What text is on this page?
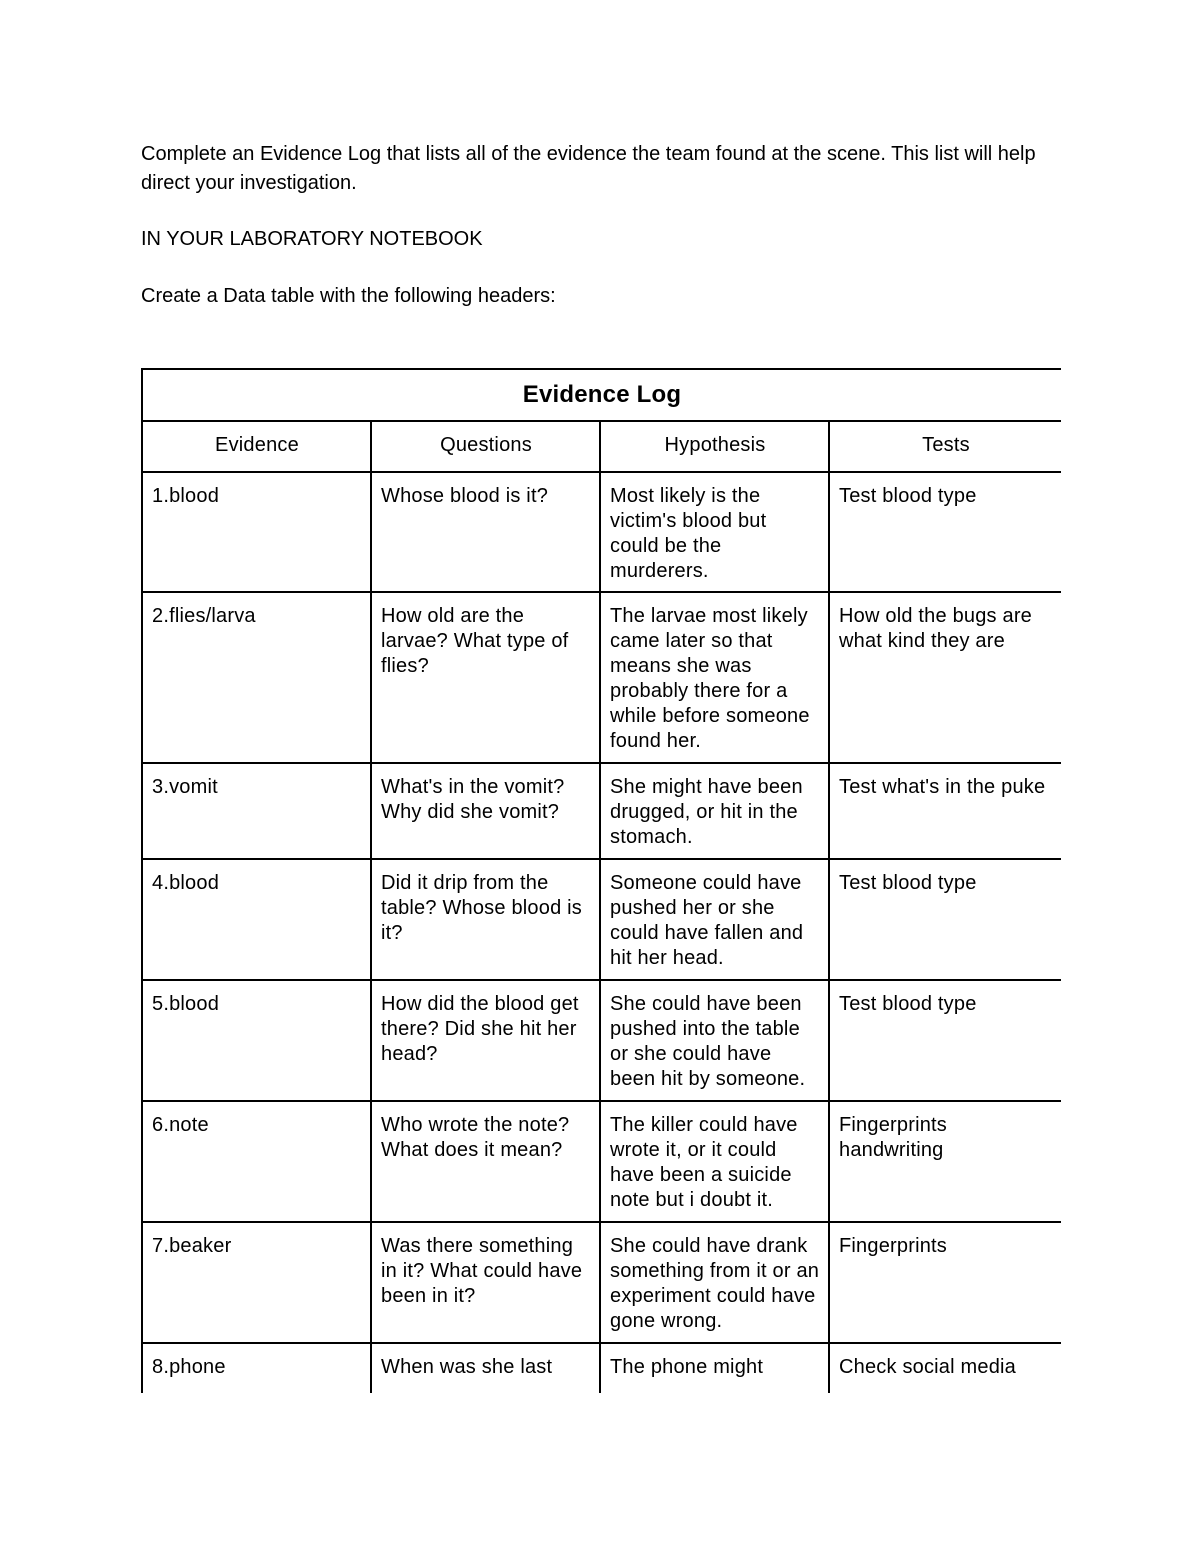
Complete an Evidence Log that lists all of the evidence the team found at the scene. This list will help direct your investigation.

IN YOUR LABORATORY NOTEBOOK

Create a Data table with the following headers:

Evidence Log			
Evidence	Questions	Hypothesis	Tests
1.blood	Whose blood is it?	Most likely is the victim's blood but could be the murderers.	Test blood type
2.flies/larva	How old are the larvae? What type of flies?	The larvae most likely came later so that means she was probably there for a while before someone found her.	How old the bugs are what kind they are
3.vomit	What's in the vomit? Why did she vomit?	She might have been drugged, or hit in the stomach.	Test what's in the puke
4.blood	Did it drip from the table? Whose blood is it?	Someone could have pushed her or she could have fallen and hit her head.	Test blood type
5.blood	How did the blood get there? Did she hit her head?	She could have been pushed into the table or she could have been hit by someone.	Test blood type
6.note	Who wrote the note? What does it mean?	The killer could have wrote it, or it could have been a suicide note but i doubt it.	Fingerprints handwriting
7.beaker	Was there something in it? What could have been in it?	She could have drank something from it or an experiment could have gone wrong.	Fingerprints
8.phone	When was she last	The phone might	Check social media
